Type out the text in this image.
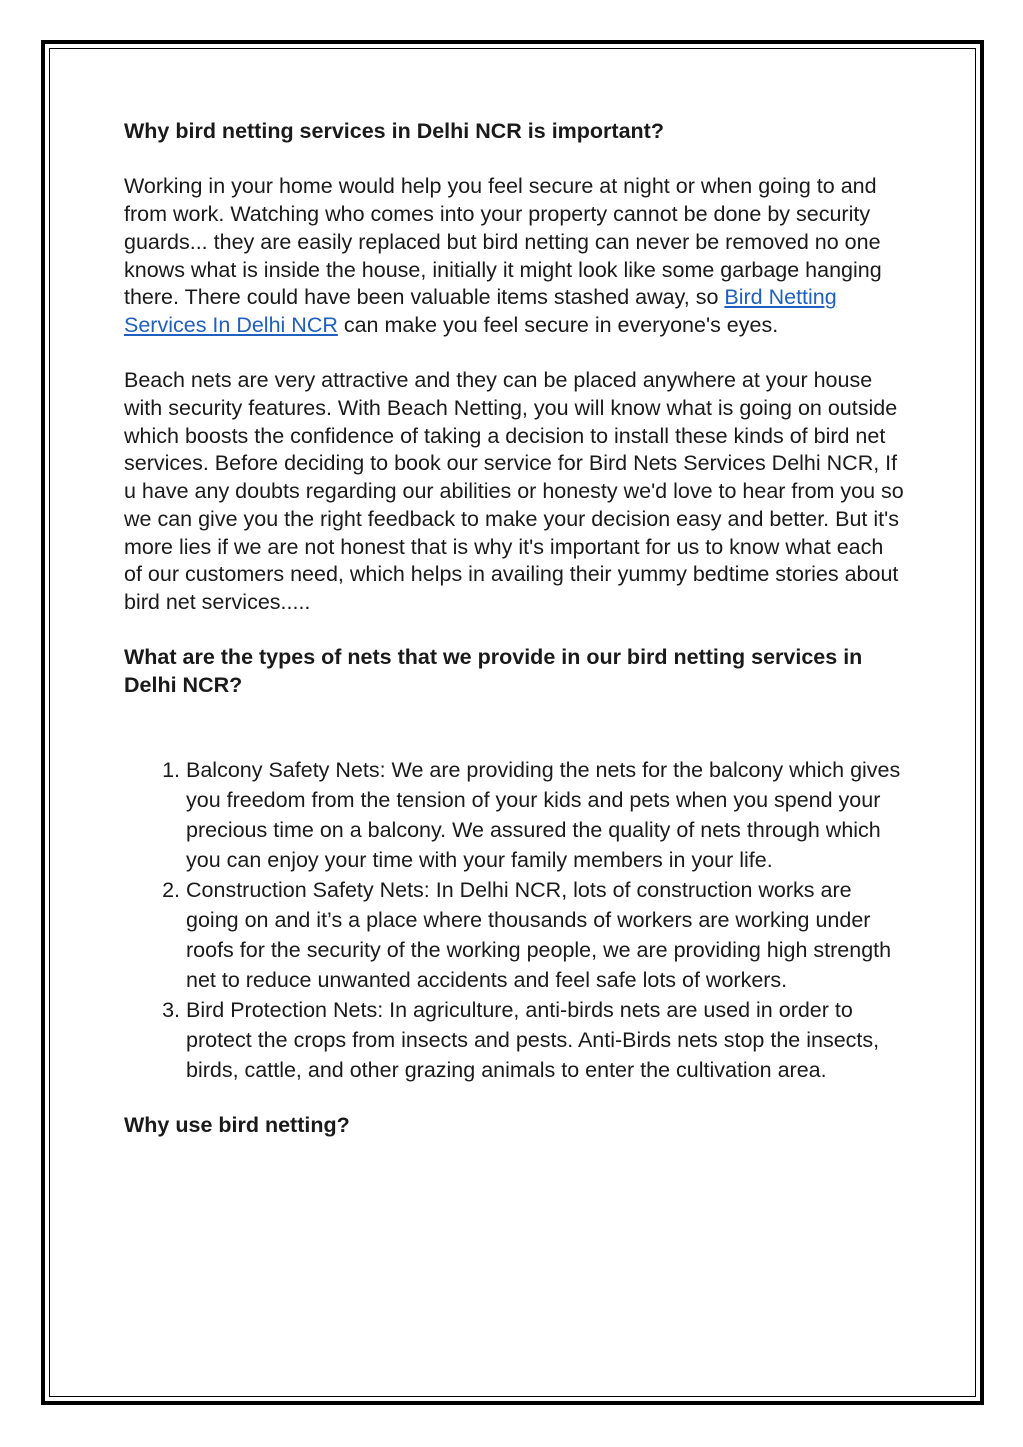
Why bird netting services in Delhi NCR is important?

Working in your home would help you feel secure at night or when going to and from work. Watching who comes into your property cannot be done by security guards... they are easily replaced but bird netting can never be removed no one knows what is inside the house, initially it might look like some garbage hanging there. There could have been valuable items stashed away, so Bird Netting Services In Delhi NCR can make you feel secure in everyone's eyes.

Beach nets are very attractive and they can be placed anywhere at your house with security features. With Beach Netting, you will know what is going on outside which boosts the confidence of taking a decision to install these kinds of bird net services. Before deciding to book our service for Bird Nets Services Delhi NCR, If u have any doubts regarding our abilities or honesty we'd love to hear from you so we can give you the right feedback to make your decision easy and better. But it's more lies if we are not honest that is why it's important for us to know what each of our customers need, which helps in availing their yummy bedtime stories about bird net services.....

What are the types of nets that we provide in our bird netting services in Delhi NCR?
1. Balcony Safety Nets: We are providing the nets for the balcony which gives you freedom from the tension of your kids and pets when you spend your precious time on a balcony. We assured the quality of nets through which you can enjoy your time with your family members in your life.
2. Construction Safety Nets: In Delhi NCR, lots of construction works are going on and it’s a place where thousands of workers are working under roofs for the security of the working people, we are providing high strength net to reduce unwanted accidents and feel safe lots of workers.
3. Bird Protection Nets: In agriculture, anti-birds nets are used in order to protect the crops from insects and pests. Anti-Birds nets stop the insects, birds, cattle, and other grazing animals to enter the cultivation area.
Why use bird netting?
